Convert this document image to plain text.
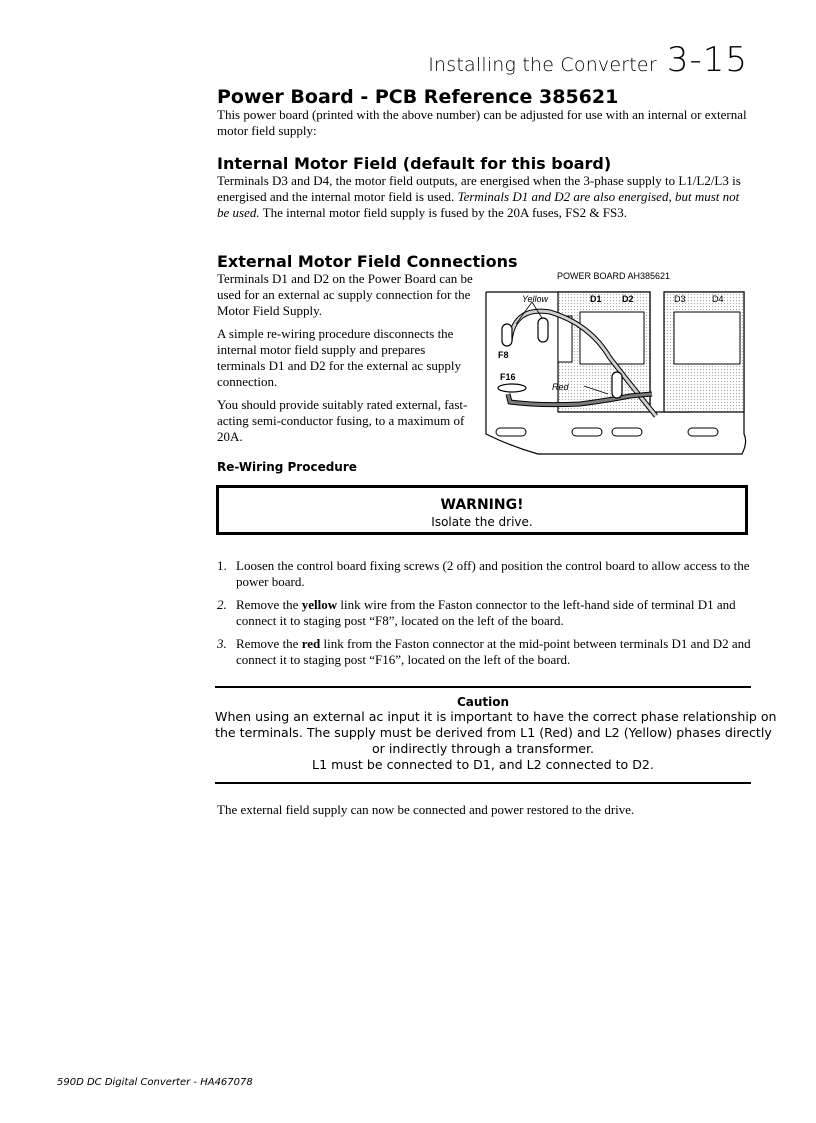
Installing the Converter 3-15
Power Board - PCB Reference 385621

This power board (printed with the above number) can be adjusted for use with an internal or external motor field supply:

Internal Motor Field (default for this board)

Terminals D3 and D4, the motor field outputs, are energised when the 3-phase supply to L1/L2/L3 is energised and the internal motor field is used. Terminals D1 and D2 are also energised, but must not be used. The internal motor field supply is fused by the 20A fuses, FS2 & FS3.

External Motor Field Connections

Terminals D1 and D2 on the Power Board can be used for an external ac supply connection for the Motor Field Supply.

A simple re-wiring procedure disconnects the internal motor field supply and prepares terminals D1 and D2 for the external ac supply connection.

You should provide suitably rated external, fast-acting semi-conductor fusing, to a maximum of 20A.

POWER BOARD AH385621
Yellow	D1 D2	D3	D4
F8
F16
Red
Re-Wiring Procedure
WARNING!
Isolate the drive.
1. Loosen the control board fixing screws (2 off) and position the control board to allow access to the power board.
2. Remove the yellow link wire from the Faston connector to the left-hand side of terminal D1 and connect it to staging post “F8”, located on the left of the board.
3. Remove the red link from the Faston connector at the mid-point between terminals D1 and D2 and connect it to staging post “F16”, located on the left of the board.
Caution
When using an external ac input it is important to have the correct phase relationship on
the terminals. The supply must be derived from L1 (Red) and L2 (Yellow) phases directly
or indirectly through a transformer.
L1 must be connected to D1, and L2 connected to D2.

The external field supply can now be connected and power restored to the drive.

590D DC Digital Converter - HA467078
